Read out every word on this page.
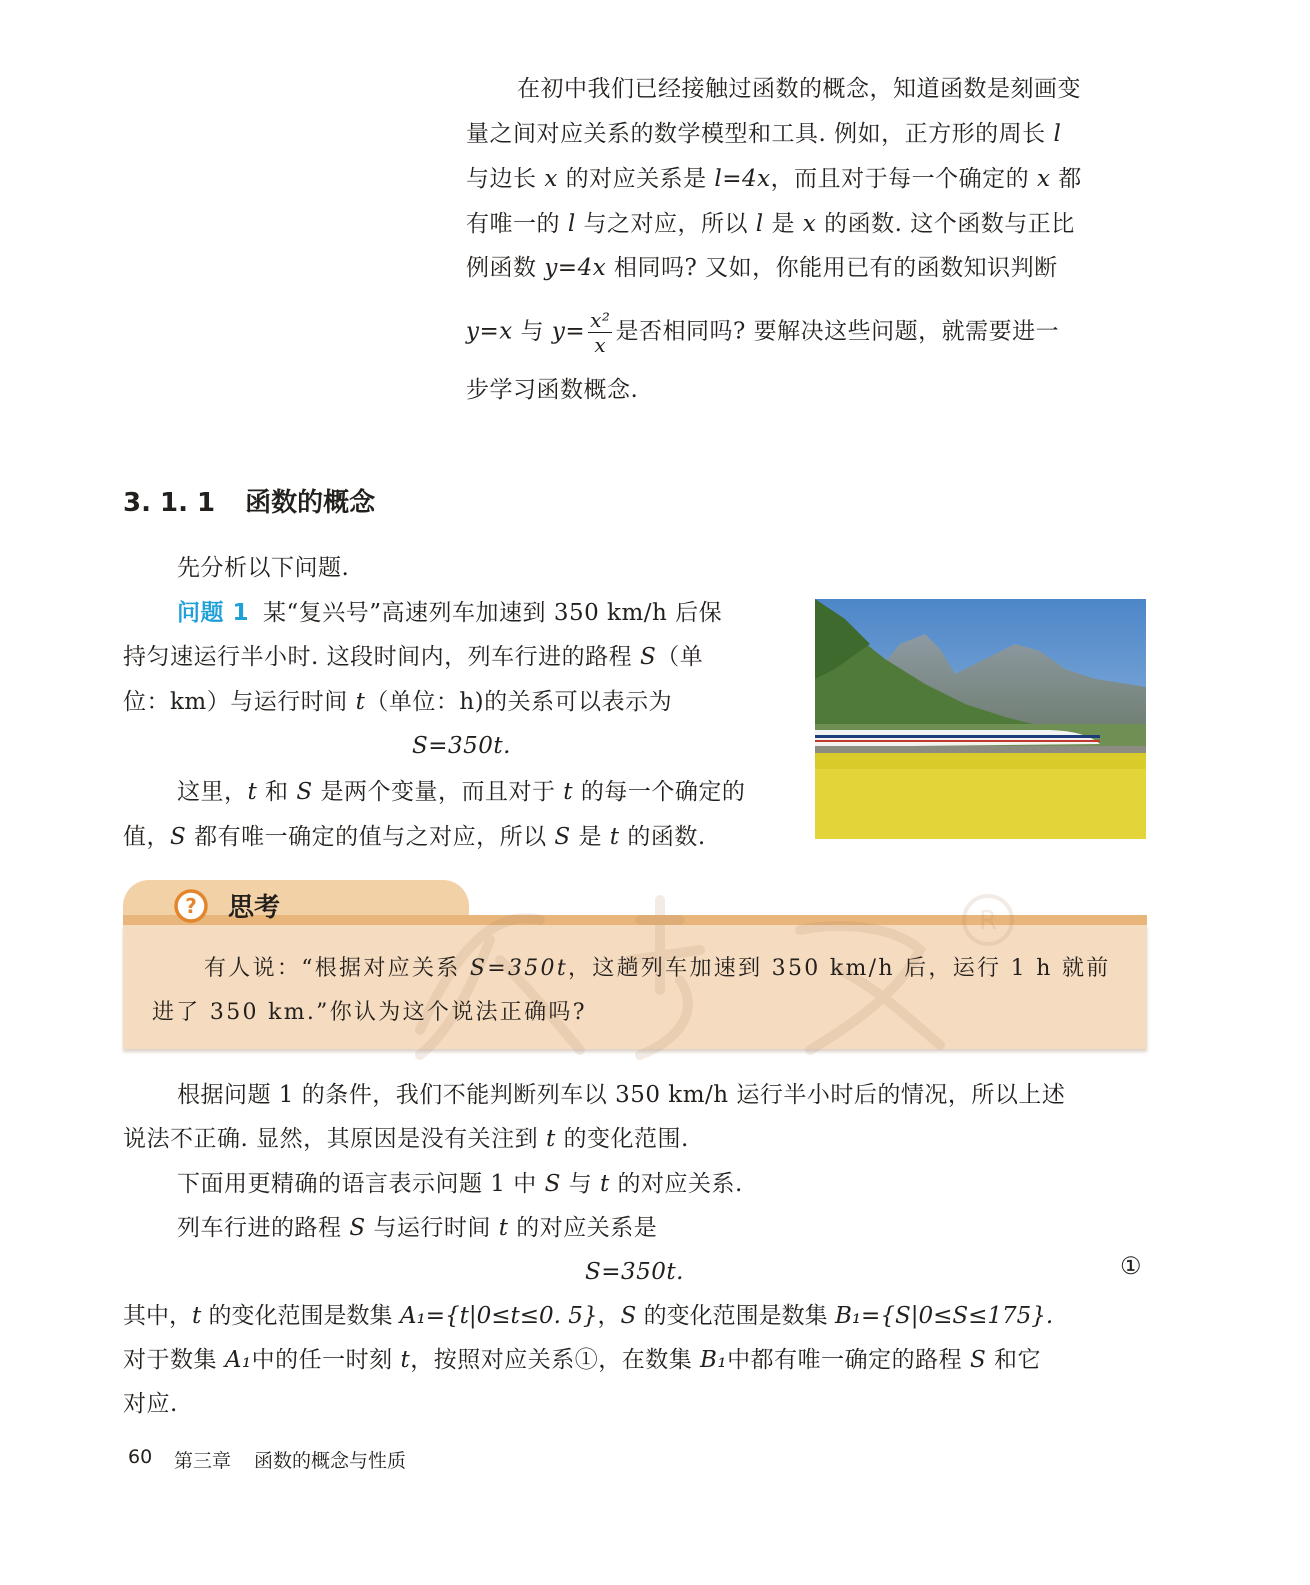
在初中我们已经接触过函数的概念，知道函数是刻画变
量之间对应关系的数学模型和工具. 例如，正方形的周长 l
与边长 x 的对应关系是 l=4x，而且对于每一个确定的 x 都
有唯一的 l 与之对应，所以 l 是 x 的函数. 这个函数与正比
例函数 y=4x 相同吗? 又如，你能用已有的函数知识判断
y=x 与 $y= \frac{\text{x²}}{x}$ 是否相同吗? 要解决这些问题，就需要进一
步学习函数概念.
3. 1. 1 函数的概念
先分析以下问题.
问题 1 某“复兴号”高速列车加速到 350 km/h 后保
持匀速运行半小时. 这段时间内，列车行进的路程 S（单
位：km）与运行时间 t（单位：h)的关系可以表示为
S=350t.
这里，t 和 S 是两个变量，而且对于 t 的每一个确定的
值，S 都有唯一确定的值与之对应，所以 S 是 t 的函数.
? 思考	R
有人说：“根据对应关系 S=350t，这趟列车加速到 350 km/h 后，运行 1 h 就前
进了 350 km.”你认为这个说法正确吗?
根据问题 1 的条件，我们不能判断列车以 350 km/h 运行半小时后的情况，所以上述
说法不正确. 显然，其原因是没有关注到 t 的变化范围.
下面用更精确的语言表示问题 1 中 S 与 t 的对应关系.
列车行进的路程 S 与运行时间 t 的对应关系是
S=350t.	①
其中，t 的变化范围是数集 A₁={t|0≤t≤0. 5}，S 的变化范围是数集 B₁={S|0≤S≤175}.
对于数集 A₁中的任一时刻 t，按照对应关系①，在数集 B₁中都有唯一确定的路程 S 和它
对应.
60 第三章 函数的概念与性质
